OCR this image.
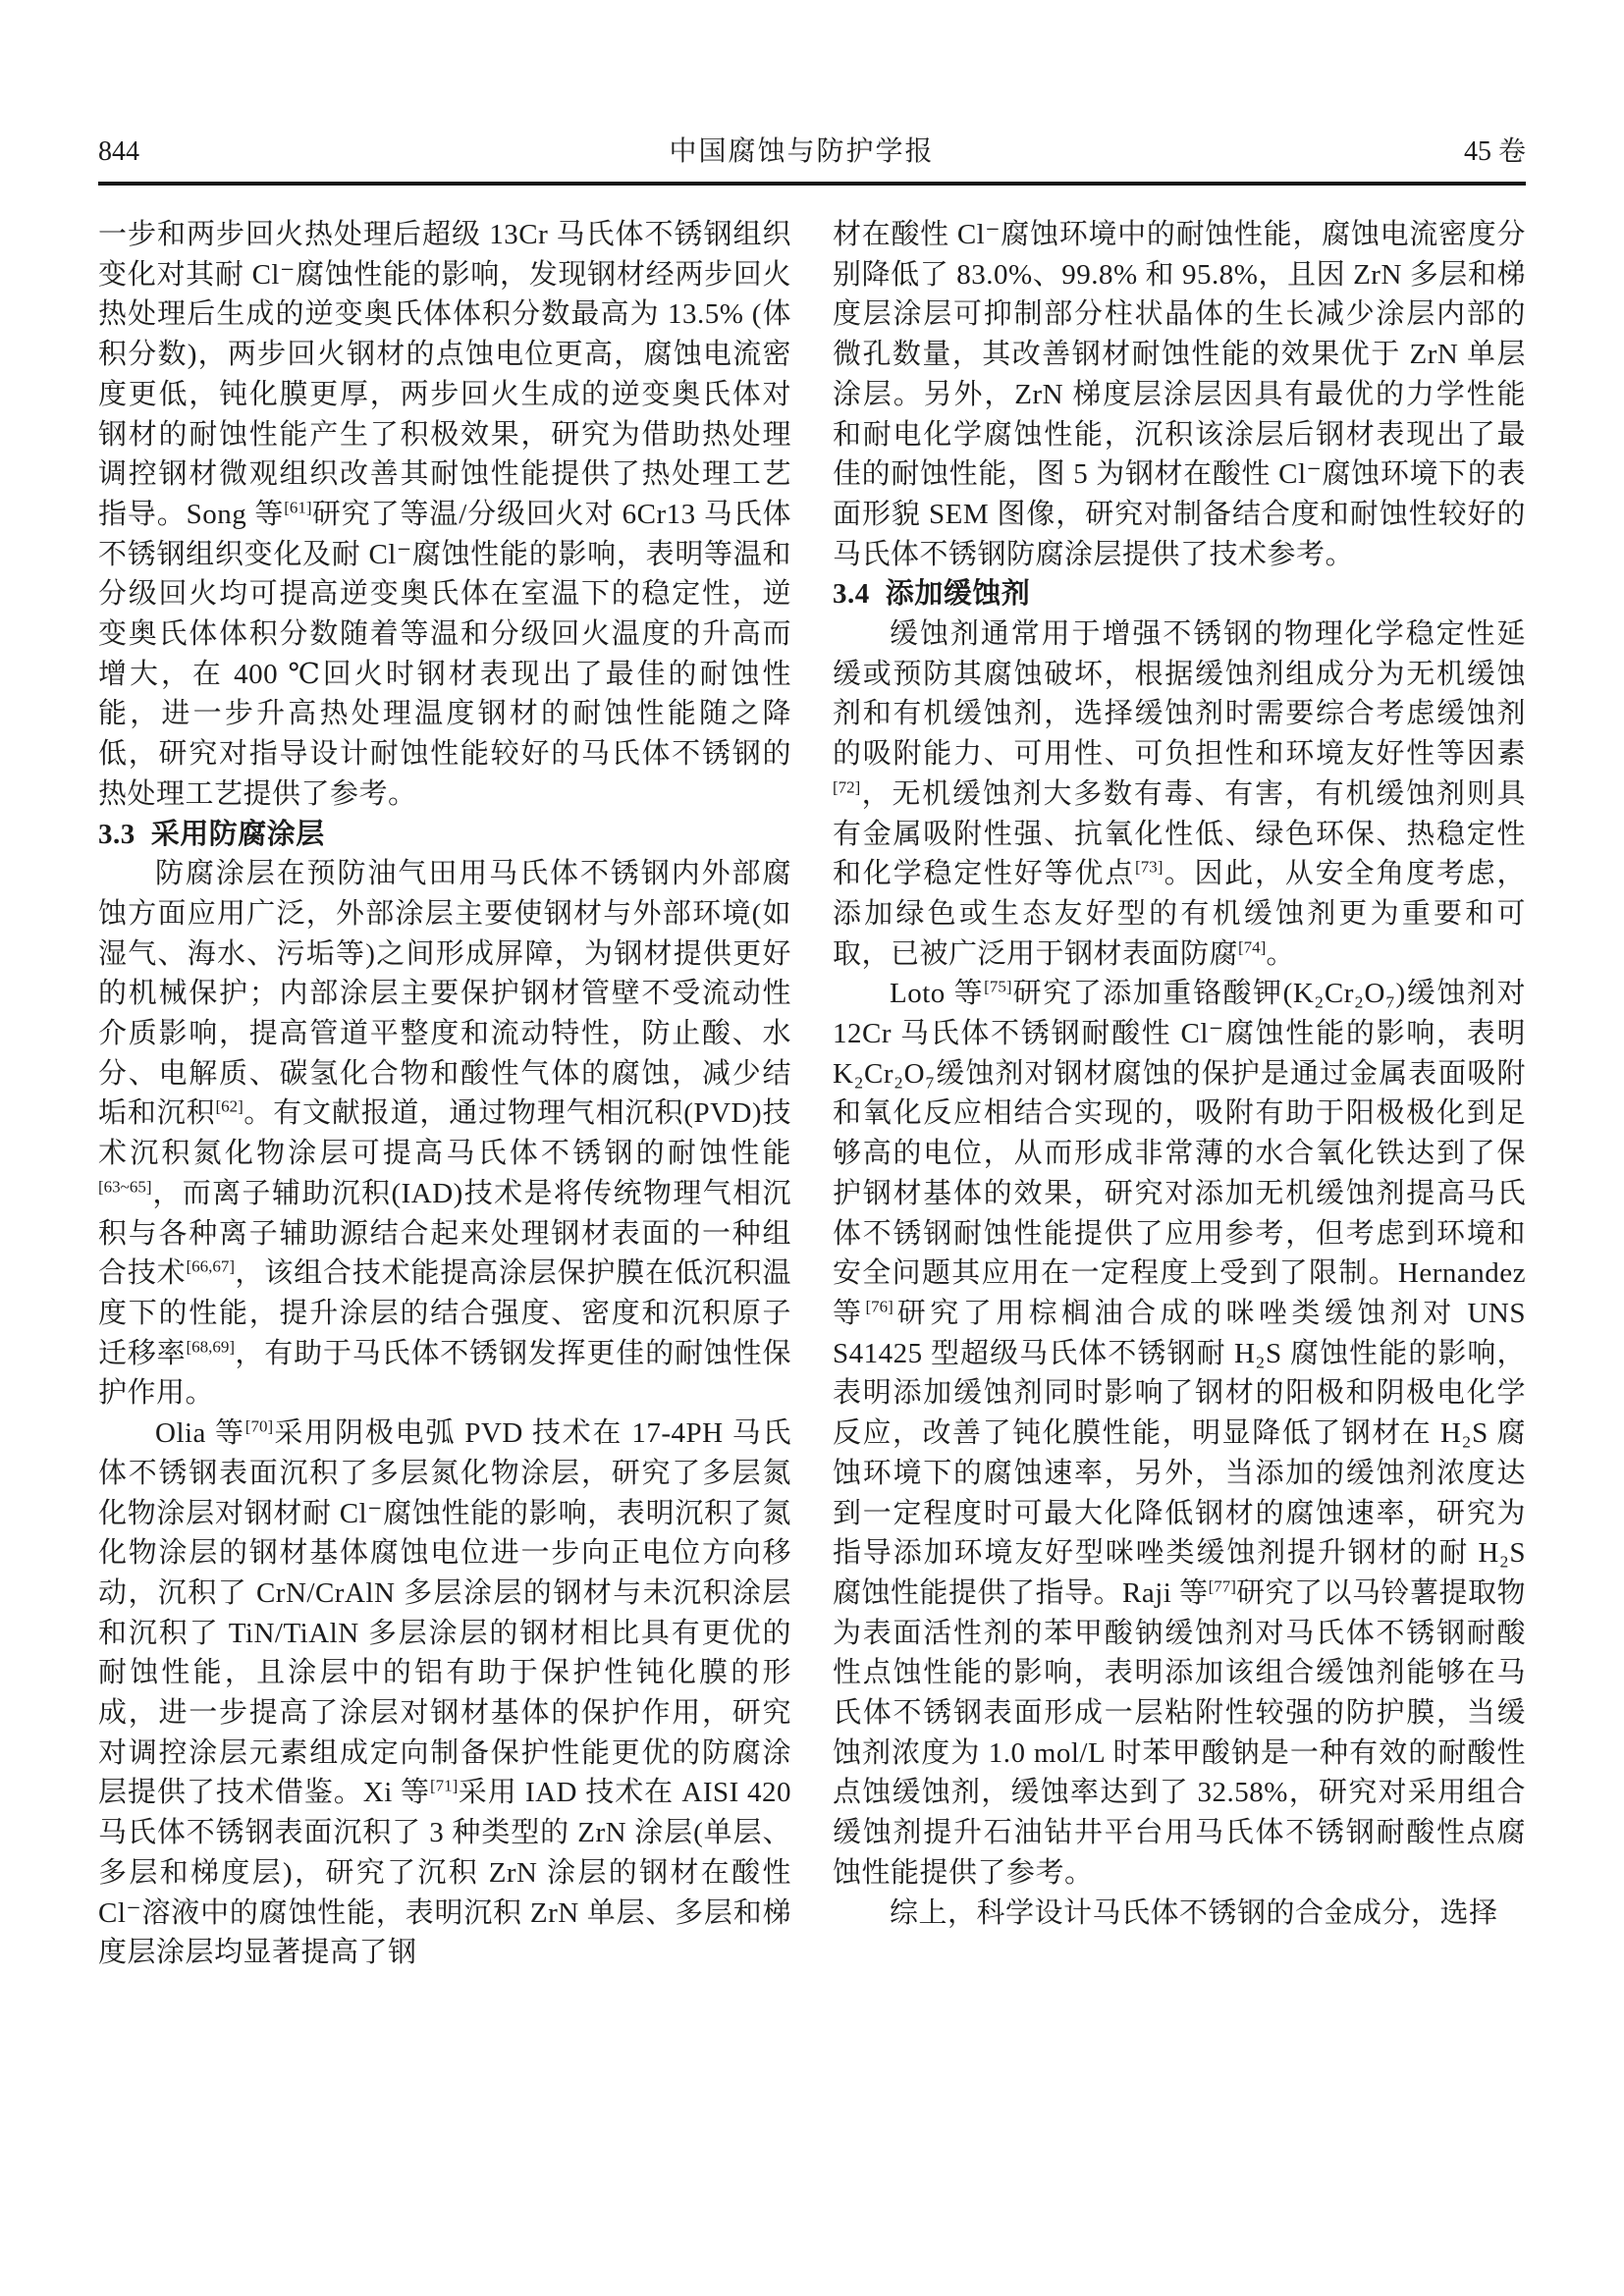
844	中国腐蚀与防护学报	45 卷

一步和两步回火热处理后超级 13Cr 马氏体不锈钢组织变化对其耐 Cl⁻腐蚀性能的影响，发现钢材经两步回火热处理后生成的逆变奥氏体体积分数最高为 13.5% (体积分数)，两步回火钢材的点蚀电位更高，腐蚀电流密度更低，钝化膜更厚，两步回火生成的逆变奥氏体对钢材的耐蚀性能产生了积极效果，研究为借助热处理调控钢材微观组织改善其耐蚀性能提供了热处理工艺指导。Song 等[61]研究了等温/分级回火对 6Cr13 马氏体不锈钢组织变化及耐 Cl⁻腐蚀性能的影响，表明等温和分级回火均可提高逆变奥氏体在室温下的稳定性，逆变奥氏体体积分数随着等温和分级回火温度的升高而增大，在 400 ℃回火时钢材表现出了最佳的耐蚀性能，进一步升高热处理温度钢材的耐蚀性能随之降低，研究对指导设计耐蚀性能较好的马氏体不锈钢的热处理工艺提供了参考。

3.3 采用防腐涂层

防腐涂层在预防油气田用马氏体不锈钢内外部腐蚀方面应用广泛，外部涂层主要使钢材与外部环境(如湿气、海水、污垢等)之间形成屏障，为钢材提供更好的机械保护；内部涂层主要保护钢材管壁不受流动性介质影响，提高管道平整度和流动特性，防止酸、水分、电解质、碳氢化合物和酸性气体的腐蚀，减少结垢和沉积[62]。有文献报道，通过物理气相沉积(PVD)技术沉积氮化物涂层可提高马氏体不锈钢的耐蚀性能[63~65]，而离子辅助沉积(IAD)技术是将传统物理气相沉积与各种离子辅助源结合起来处理钢材表面的一种组合技术[66,67]，该组合技术能提高涂层保护膜在低沉积温度下的性能，提升涂层的结合强度、密度和沉积原子迁移率[68,69]，有助于马氏体不锈钢发挥更佳的耐蚀性保护作用。

Olia 等[70]采用阴极电弧 PVD 技术在 17-4PH 马氏体不锈钢表面沉积了多层氮化物涂层，研究了多层氮化物涂层对钢材耐 Cl⁻腐蚀性能的影响，表明沉积了氮化物涂层的钢材基体腐蚀电位进一步向正电位方向移动，沉积了 CrN/CrAlN 多层涂层的钢材与未沉积涂层和沉积了 TiN/TiAlN 多层涂层的钢材相比具有更优的耐蚀性能，且涂层中的铝有助于保护性钝化膜的形成，进一步提高了涂层对钢材基体的保护作用，研究对调控涂层元素组成定向制备保护性能更优的防腐涂层提供了技术借鉴。Xi 等[71]采用 IAD 技术在 AISI 420 马氏体不锈钢表面沉积了 3 种类型的 ZrN 涂层(单层、多层和梯度层)，研究了沉积 ZrN 涂层的钢材在酸性 Cl⁻溶液中的腐蚀性能，表明沉积 ZrN 单层、多层和梯度层涂层均显著提高了钢

材在酸性 Cl⁻腐蚀环境中的耐蚀性能，腐蚀电流密度分别降低了 83.0%、99.8% 和 95.8%，且因 ZrN 多层和梯度层涂层可抑制部分柱状晶体的生长减少涂层内部的微孔数量，其改善钢材耐蚀性能的效果优于 ZrN 单层涂层。另外，ZrN 梯度层涂层因具有最优的力学性能和耐电化学腐蚀性能，沉积该涂层后钢材表现出了最佳的耐蚀性能，图 5 为钢材在酸性 Cl⁻腐蚀环境下的表面形貌 SEM 图像，研究对制备结合度和耐蚀性较好的马氏体不锈钢防腐涂层提供了技术参考。

3.4 添加缓蚀剂

缓蚀剂通常用于增强不锈钢的物理化学稳定性延缓或预防其腐蚀破坏，根据缓蚀剂组成分为无机缓蚀剂和有机缓蚀剂，选择缓蚀剂时需要综合考虑缓蚀剂的吸附能力、可用性、可负担性和环境友好性等因素[72]，无机缓蚀剂大多数有毒、有害，有机缓蚀剂则具有金属吸附性强、抗氧化性低、绿色环保、热稳定性和化学稳定性好等优点[73]。因此，从安全角度考虑，添加绿色或生态友好型的有机缓蚀剂更为重要和可取，已被广泛用于钢材表面防腐[74]。

Loto 等[75]研究了添加重铬酸钾(K₂Cr₂O₇)缓蚀剂对 12Cr 马氏体不锈钢耐酸性 Cl⁻腐蚀性能的影响，表明 K₂Cr₂O₇缓蚀剂对钢材腐蚀的保护是通过金属表面吸附和氧化反应相结合实现的，吸附有助于阳极极化到足够高的电位，从而形成非常薄的水合氧化铁达到了保护钢材基体的效果，研究对添加无机缓蚀剂提高马氏体不锈钢耐蚀性能提供了应用参考，但考虑到环境和安全问题其应用在一定程度上受到了限制。Hernandez 等[76]研究了用棕榈油合成的咪唑类缓蚀剂对 UNS S41425 型超级马氏体不锈钢耐 H₂S 腐蚀性能的影响，表明添加缓蚀剂同时影响了钢材的阳极和阴极电化学反应，改善了钝化膜性能，明显降低了钢材在 H₂S 腐蚀环境下的腐蚀速率，另外，当添加的缓蚀剂浓度达到一定程度时可最大化降低钢材的腐蚀速率，研究为指导添加环境友好型咪唑类缓蚀剂提升钢材的耐 H₂S 腐蚀性能提供了指导。Raji 等[77]研究了以马铃薯提取物为表面活性剂的苯甲酸钠缓蚀剂对马氏体不锈钢耐酸性点蚀性能的影响，表明添加该组合缓蚀剂能够在马氏体不锈钢表面形成一层粘附性较强的防护膜，当缓蚀剂浓度为 1.0 mol/L 时苯甲酸钠是一种有效的耐酸性点蚀缓蚀剂，缓蚀率达到了 32.58%，研究对采用组合缓蚀剂提升石油钻井平台用马氏体不锈钢耐酸性点腐蚀性能提供了参考。

综上，科学设计马氏体不锈钢的合金成分，选择
